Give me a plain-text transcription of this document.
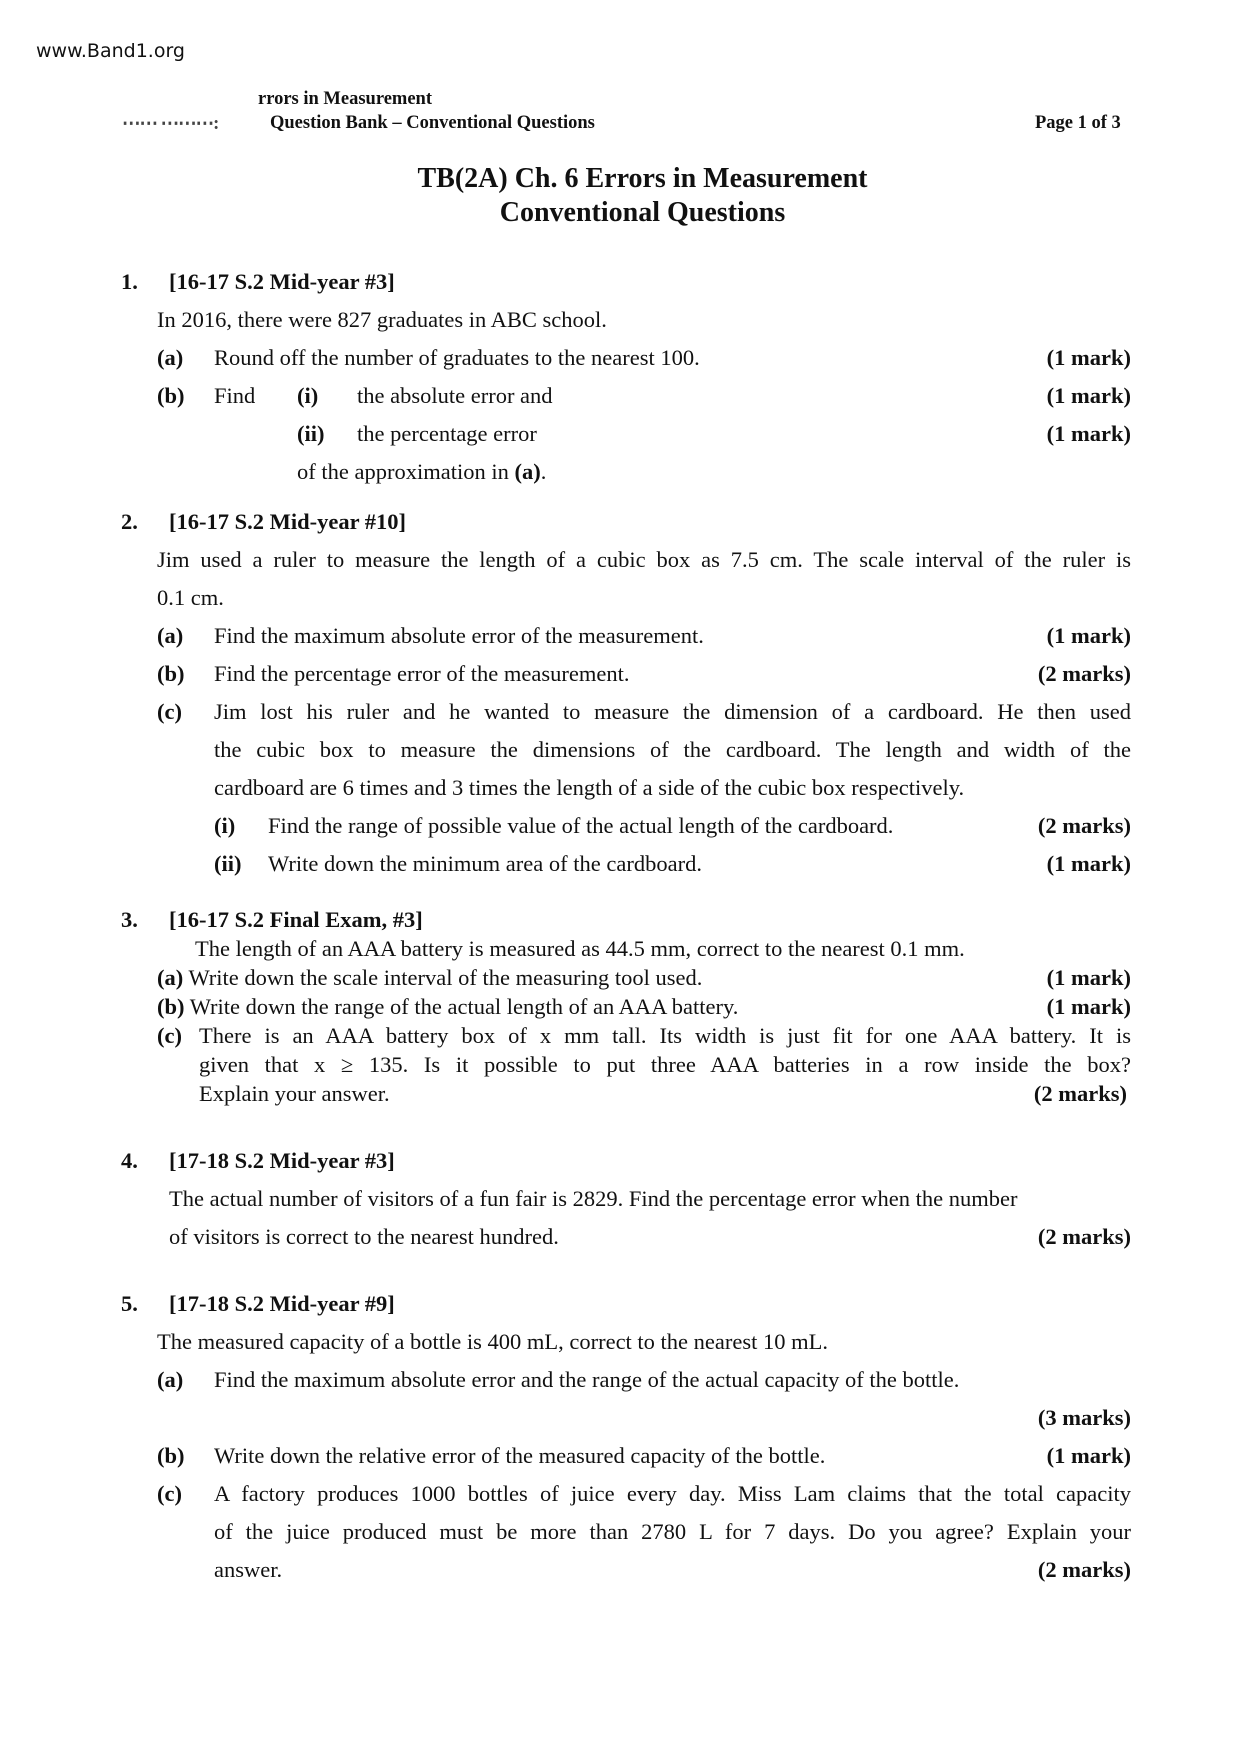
www.Band1.org
rrors in Measurement
⋯⋯ ⋯⋯⋯:	Question Bank – Conventional Questions	Page 1 of 3
TB(2A) Ch. 6 Errors in Measurement
Conventional Questions
1. [16-17 S.2 Mid-year #3]
In 2016, there were 827 graduates in ABC school.
(a) Round off the number of graduates to the nearest 100.	(1 mark)
(b) Find (i) the absolute error and	(1 mark)
(ii) the percentage error	(1 mark)
of the approximation in (a).
2. [16-17 S.2 Mid-year #10]
Jim used a ruler to measure the length of a cubic box as 7.5 cm. The scale interval of the ruler is
0.1 cm.
(a) Find the maximum absolute error of the measurement.	(1 mark)
(b) Find the percentage error of the measurement.	(2 marks)
(c) Jim lost his ruler and he wanted to measure the dimension of a cardboard. He then used
the cubic box to measure the dimensions of the cardboard. The length and width of the
cardboard are 6 times and 3 times the length of a side of the cubic box respectively.
(i) Find the range of possible value of the actual length of the cardboard.	(2 marks)
(ii) Write down the minimum area of the cardboard.	(1 mark)
3. [16-17 S.2 Final Exam, #3]
The length of an AAA battery is measured as 44.5 mm, correct to the nearest 0.1 mm.
(a) Write down the scale interval of the measuring tool used.	(1 mark)
(b) Write down the range of the actual length of an AAA battery.	(1 mark)
(c) There is an AAA battery box of x mm tall. Its width is just fit for one AAA battery. It is
given that x ≥ 135. Is it possible to put three AAA batteries in a row inside the box?
Explain your answer.	(2 marks)
4. [17-18 S.2 Mid-year #3]
The actual number of visitors of a fun fair is 2829. Find the percentage error when the number
of visitors is correct to the nearest hundred.	(2 marks)
5. [17-18 S.2 Mid-year #9]
The measured capacity of a bottle is 400 mL, correct to the nearest 10 mL.
(a) Find the maximum absolute error and the range of the actual capacity of the bottle.
(3 marks)
(b) Write down the relative error of the measured capacity of the bottle.	(1 mark)
(c) A factory produces 1000 bottles of juice every day. Miss Lam claims that the total capacity
of the juice produced must be more than 2780 L for 7 days. Do you agree? Explain your
answer.	(2 marks)
